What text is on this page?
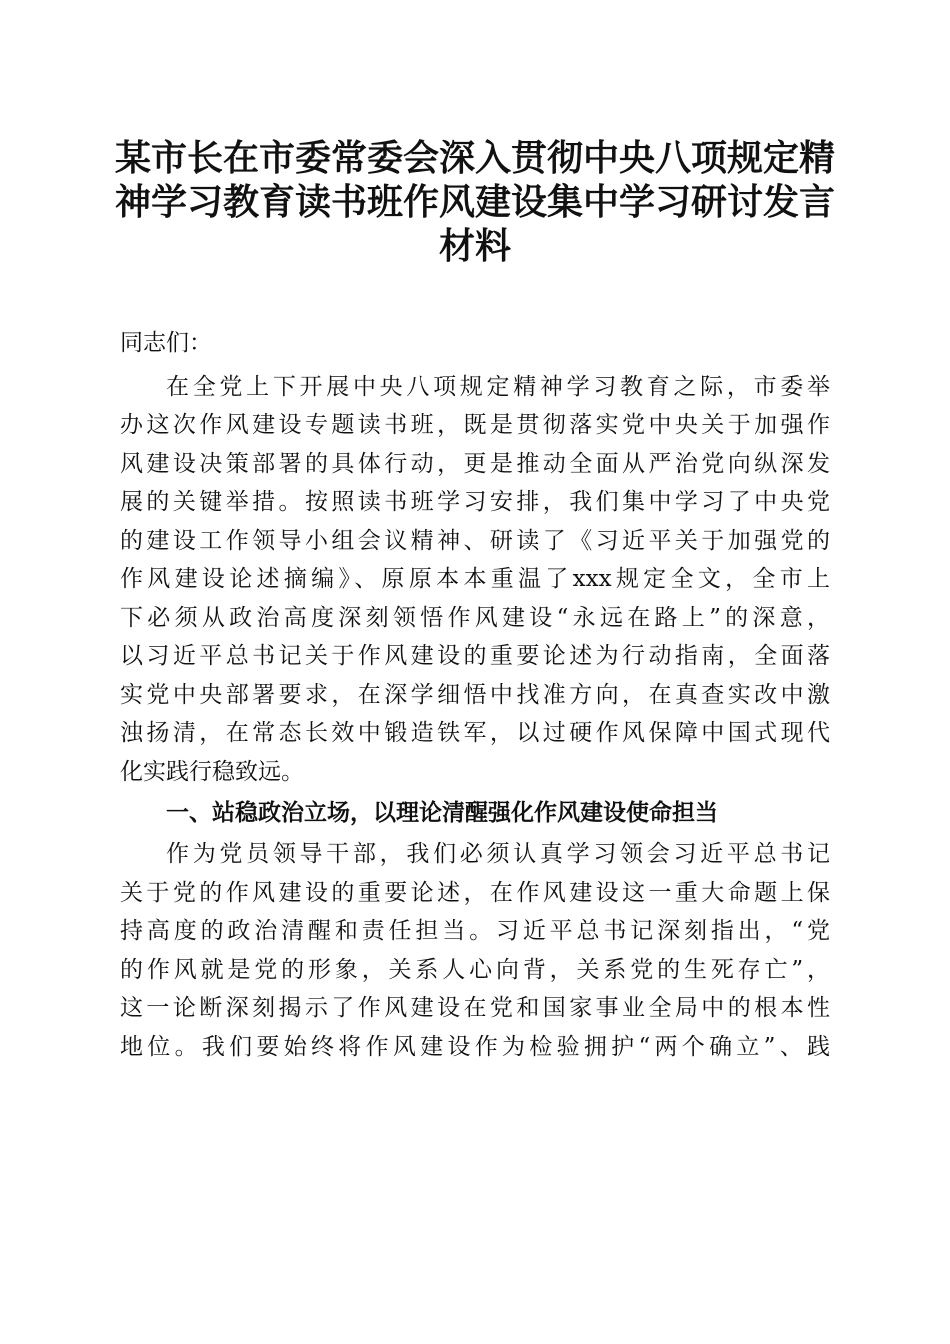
某市长在市委常委会深入贯彻中央八项规定精
神学习教育读书班作风建设集中学习研讨发言
材料
同志们：
在全党上下开展中央八项规定精神学习教育之际，市委举
办这次作风建设专题读书班，既是贯彻落实党中央关于加强作
风建设决策部署的具体行动，更是推动全面从严治党向纵深发
展的关键举措。按照读书班学习安排，我们集中学习了中央党
的建设工作领导小组会议精神、研读了《习近平关于加强党的
作风建设论述摘编》、原原本本重温了xxx规定全文，全市上
下必须从政治高度深刻领悟作风建设“永远在路上”的深意，
以习近平总书记关于作风建设的重要论述为行动指南，全面落
实党中央部署要求，在深学细悟中找准方向，在真查实改中激
浊扬清，在常态长效中锻造铁军，以过硬作风保障中国式现代
化实践行稳致远。
一、站稳政治立场，以理论清醒强化作风建设使命担当
作为党员领导干部，我们必须认真学习领会习近平总书记
关于党的作风建设的重要论述，在作风建设这一重大命题上保
持高度的政治清醒和责任担当。习近平总书记深刻指出，“党
的作风就是党的形象，关系人心向背，关系党的生死存亡”，
这一论断深刻揭示了作风建设在党和国家事业全局中的根本性
地位。我们要始终将作风建设作为检验拥护“两个确立”、践
